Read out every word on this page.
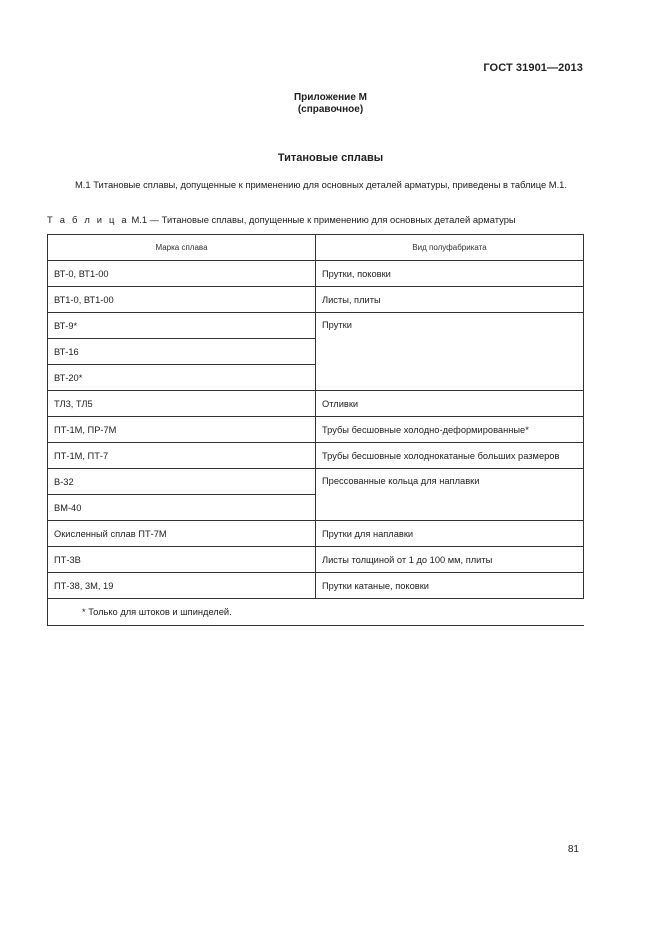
ГОСТ 31901—2013
Приложение М
(справочное)
Титановые сплавы
М.1 Титановые сплавы, допущенные к применению для основных деталей арматуры, приведены в таблице М.1.
Т а б л и ц а М.1 — Титановые сплавы, допущенные к применению для основных деталей арматуры
Марка сплава	Вид полуфабриката
ВТ-0, ВТ1-00	Прутки, поковки
ВТ1-0, ВТ1-00	Листы, плиты
ВТ-9*	Прутки
ВТ-16	
ВТ-20*	
ТЛ3, ТЛ5	Отливки
ПТ-1М, ПР-7М	Трубы бесшовные холодно-деформированные*
ПТ-1М, ПТ-7	Трубы бесшовные холоднокатаные больших размеров
В-32	Прессованные кольца для наплавки
ВМ-40	
Окисленный сплав ПТ-7М	Прутки для наплавки
ПТ-3В	Листы толщиной от 1 до 100 мм, плиты
ПТ-38, 3М, 19	Прутки катаные, поковки
* Только для штоков и шпинделей.	
81
